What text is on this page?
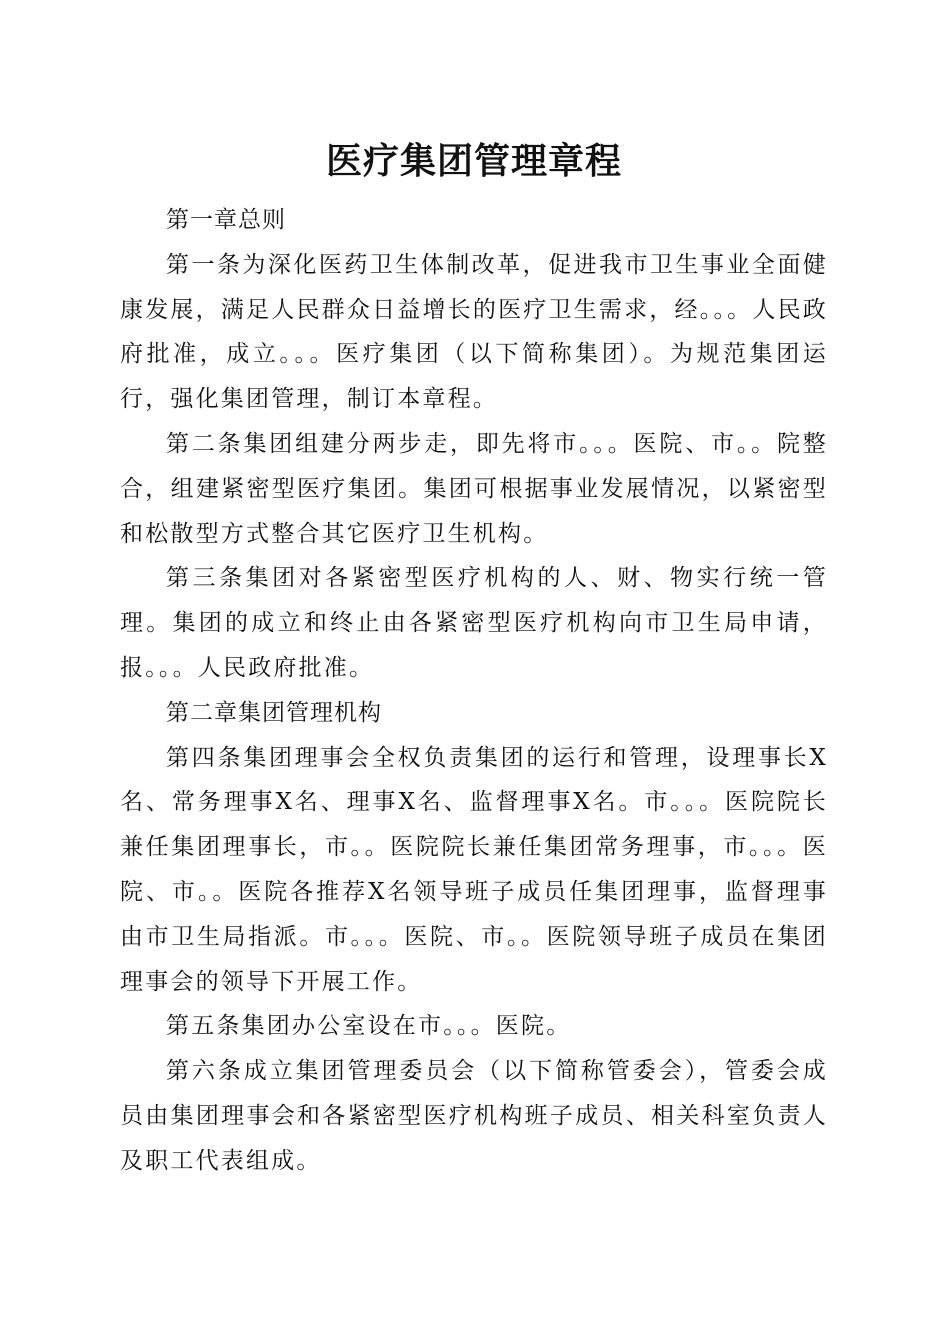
医疗集团管理章程

第一章总则

第一条为深化医药卫生体制改革，促进我市卫生事业全面健康发展，满足人民群众日益增长的医疗卫生需求，经。。。人民政府批准，成立。。。医疗集团（以下简称集团）。为规范集团运行，强化集团管理，制订本章程。

第二条集团组建分两步走，即先将市。。。医院、市。。院整合，组建紧密型医疗集团。集团可根据事业发展情况，以紧密型和松散型方式整合其它医疗卫生机构。

第三条集团对各紧密型医疗机构的人、财、物实行统一管理。集团的成立和终止由各紧密型医疗机构向市卫生局申请，报。。。人民政府批准。

第二章集团管理机构

第四条集团理事会全权负责集团的运行和管理，设理事长X名、常务理事X名、理事X名、监督理事X名。市。。。医院院长兼任集团理事长，市。。医院院长兼任集团常务理事，市。。。医院、市。。医院各推荐X名领导班子成员任集团理事，监督理事由市卫生局指派。市。。。医院、市。。医院领导班子成员在集团理事会的领导下开展工作。

第五条集团办公室设在市。。。医院。

第六条成立集团管理委员会（以下简称管委会），管委会成员由集团理事会和各紧密型医疗机构班子成员、相关科室负责人及职工代表组成。
